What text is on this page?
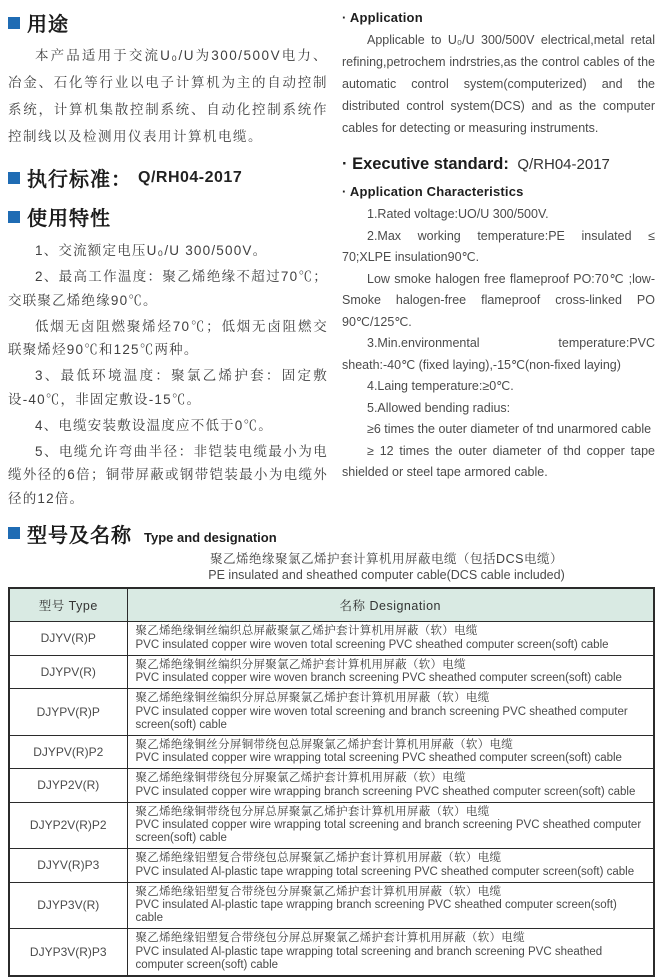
用途
本产品适用于交流U₀/U为300/500V电力、冶金、石化等行业以电子计算机为主的自动控制系统，计算机集散控制系统、自动化控制系统作控制线以及检测用仪表用计算机电缆。
执行标准： Q/RH04-2017
使用特性
1、交流额定电压U₀/U 300/500V。
2、最高工作温度：聚乙烯绝缘不超过70℃；交联聚乙烯绝缘90℃。
低烟无卤阻燃聚烯烃70℃；低烟无卤阻燃交联聚烯烃90℃和125℃两种。
3、最低环境温度：聚氯乙烯护套：固定敷设-40℃，非固定敷设-15℃。
4、电缆安装敷设温度应不低于0℃。
5、电缆允许弯曲半径：非铠装电缆最小为电缆外径的6倍；铜带屏蔽或钢带铠装最小为电缆外径的12倍。
· Application
Applicable to U₀/U 300/500V electrical,metal retal refining,petrochem indrstries,as the control cables of the automatic control system(computerized) and the distributed control system(DCS) and as the computer cables for detecting or measuring instruments.
· Executive standard: Q/RH04-2017
· Application Characteristics
1.Rated voltage:UO/U 300/500V.
2.Max working temperature:PE insulated ≤ 70;XLPE insulation90℃.
Low smoke halogen free flameproof PO:70℃ ;low-Smoke halogen-free flameproof cross-linked PO 90℃/125℃.
3.Min.environmental temperature:PVC sheath:-40℃ (fixed laying),-15℃(non-fixed laying)
4.Laing temperature:≥0℃.
5.Allowed bending radius:
≥6 times the outer diameter of tnd unarmored cable
≥ 12 times the outer diameter of thd copper tape shielded or steel tape armored cable.
型号及名称 Type and designation
聚乙烯绝缘聚氯乙烯护套计算机用屏蔽电缆（包括DCS电缆）
PE insulated and sheathed computer cable(DCS cable included)
型号 Type	名称 Designation
DJYV(R)P	聚乙烯绝缘铜丝编织总屏蔽聚氯乙烯护套计算机用屏蔽（软）电缆
PVC insulated copper wire woven total screening PVC sheathed computer screen(soft) cable

DJYPV(R)	聚乙烯绝缘铜丝编织分屏聚氯乙烯护套计算机用屏蔽（软）电缆
PVC insulated copper wire woven branch screening PVC sheathed computer screen(soft) cable

DJYPV(R)P	聚乙烯绝缘铜丝编织分屏总屏聚氯乙烯护套计算机用屏蔽（软）电缆
PVC insulated copper wire woven total screening and branch screening PVC sheathed computer screen(soft) cable

DJYPV(R)P2	聚乙烯绝缘铜丝分屏铜带绕包总屏聚氯乙烯护套计算机用屏蔽（软）电缆
PVC insulated copper wire wrapping total screening PVC sheathed computer screen(soft) cable

DJYP2V(R)	聚乙烯绝缘铜带绕包分屏聚氯乙烯护套计算机用屏蔽（软）电缆
PVC insulated copper wire wrapping branch screening PVC sheathed computer screen(soft) cable

DJYP2V(R)P2	聚乙烯绝缘铜带绕包分屏总屏聚氯乙烯护套计算机用屏蔽（软）电缆
PVC insulated copper wire wrapping total screening and branch screening PVC sheathed computer screen(soft) cable

DJYV(R)P3	聚乙烯绝缘铝塑复合带绕包总屏聚氯乙烯护套计算机用屏蔽（软）电缆
PVC insulated Al-plastic tape wrapping total screening PVC sheathed computer screen(soft) cable

DJYP3V(R)	聚乙烯绝缘铝塑复合带绕包分屏聚氯乙烯护套计算机用屏蔽（软）电缆
PVC insulated Al-plastic tape wrapping branch screening PVC sheathed computer screen(soft) cable

DJYP3V(R)P3	聚乙烯绝缘铝塑复合带绕包分屏总屏聚氯乙烯护套计算机用屏蔽（软）电缆
PVC insulated Al-plastic tape wrapping total screening and branch screening PVC sheathed computer screen(soft) cable
